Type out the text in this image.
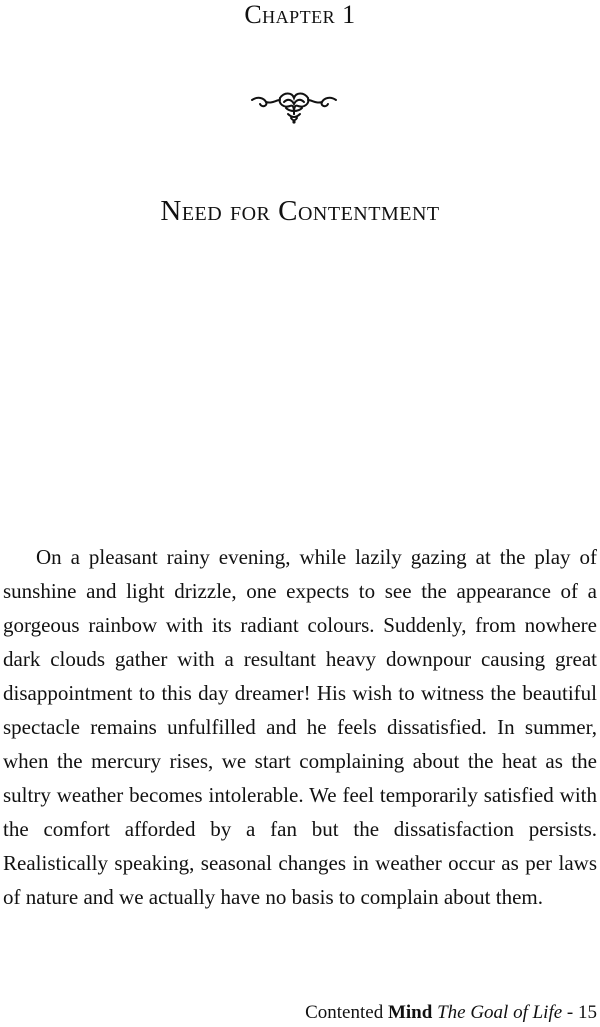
Chapter 1
Need for Contentment

On a pleasant rainy evening, while lazily gazing at the play of sunshine and light drizzle, one expects to see the appearance of a gorgeous rainbow with its radiant colours. Suddenly, from nowhere dark clouds gather with a resultant heavy downpour causing great disappointment to this day dreamer! His wish to witness the beautiful spectacle remains unfulfilled and he feels dissatisfied. In summer, when the mercury rises, we start complaining about the heat as the sultry weather becomes intolerable. We feel temporarily satisfied with the comfort afforded by a fan but the dissatisfaction persists. Realistically speaking, seasonal changes in weather occur as per laws of nature and we actually have no basis to complain about them.

Contented Mind The Goal of Life - 15
